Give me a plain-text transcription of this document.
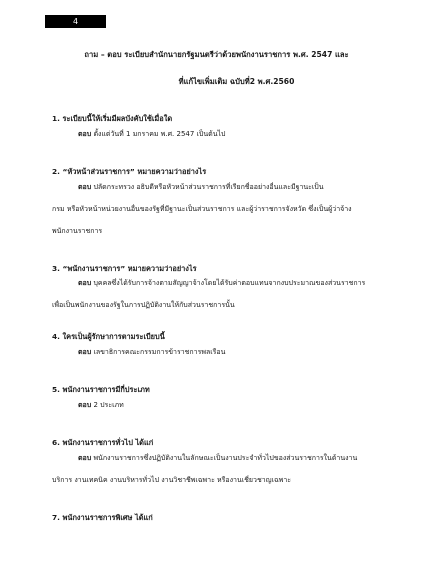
4
ถาม – ตอบ ระเบียบสำนักนายกรัฐมนตรีว่าด้วยพนักงานราชการ พ.ศ. 2547 และ
ที่แก้ไขเพิ่มเติม ฉบับที่2 พ.ศ.2560
1. ระเบียบนี้ให้เริ่มมีผลบังคับใช้เมื่อใด
ตอบ ตั้งแต่วันที่ 1 มกราคม พ.ศ. 2547 เป็นต้นไป
2. “หัวหน้าส่วนราชการ” หมายความว่าอย่างไร
ตอบ ปลัดกระทรวง อธิบดีหรือหัวหน้าส่วนราชการที่เรียกชื่ออย่างอื่นและมีฐานะเป็น
กรม หรือหัวหน้าหน่วยงานอื่นของรัฐที่มีฐานะเป็นส่วนราชการ และผู้ว่าราชการจังหวัด ซึ่งเป็นผู้ว่าจ้าง
พนักงานราชการ
3. “พนักงานราชการ” หมายความว่าอย่างไร
ตอบ บุคคลซึ่งได้รับการจ้างตามสัญญาจ้างโดยได้รับค่าตอบแทนจากงบประมาณของส่วนราชการ
เพื่อเป็นพนักงานของรัฐในการปฏิบัติงานให้กับส่วนราชการนั้น
4. ใครเป็นผู้รักษาการตามระเบียบนี้
ตอบ เลขาธิการคณะกรรมการข้าราชการพลเรือน
5. พนักงานราชการมีกี่ประเภท
ตอบ 2 ประเภท
6. พนักงานราชการทั่วไป ได้แก่
ตอบ พนักงานราชการซึ่งปฏิบัติงานในลักษณะเป็นงานประจำทั่วไปของส่วนราชการในด้านงาน
บริการ งานเทคนิค งานบริหารทั่วไป งานวิชาชีพเฉพาะ หรืองานเชี่ยวชาญเฉพาะ
7. พนักงานราชการพิเศษ ได้แก่
